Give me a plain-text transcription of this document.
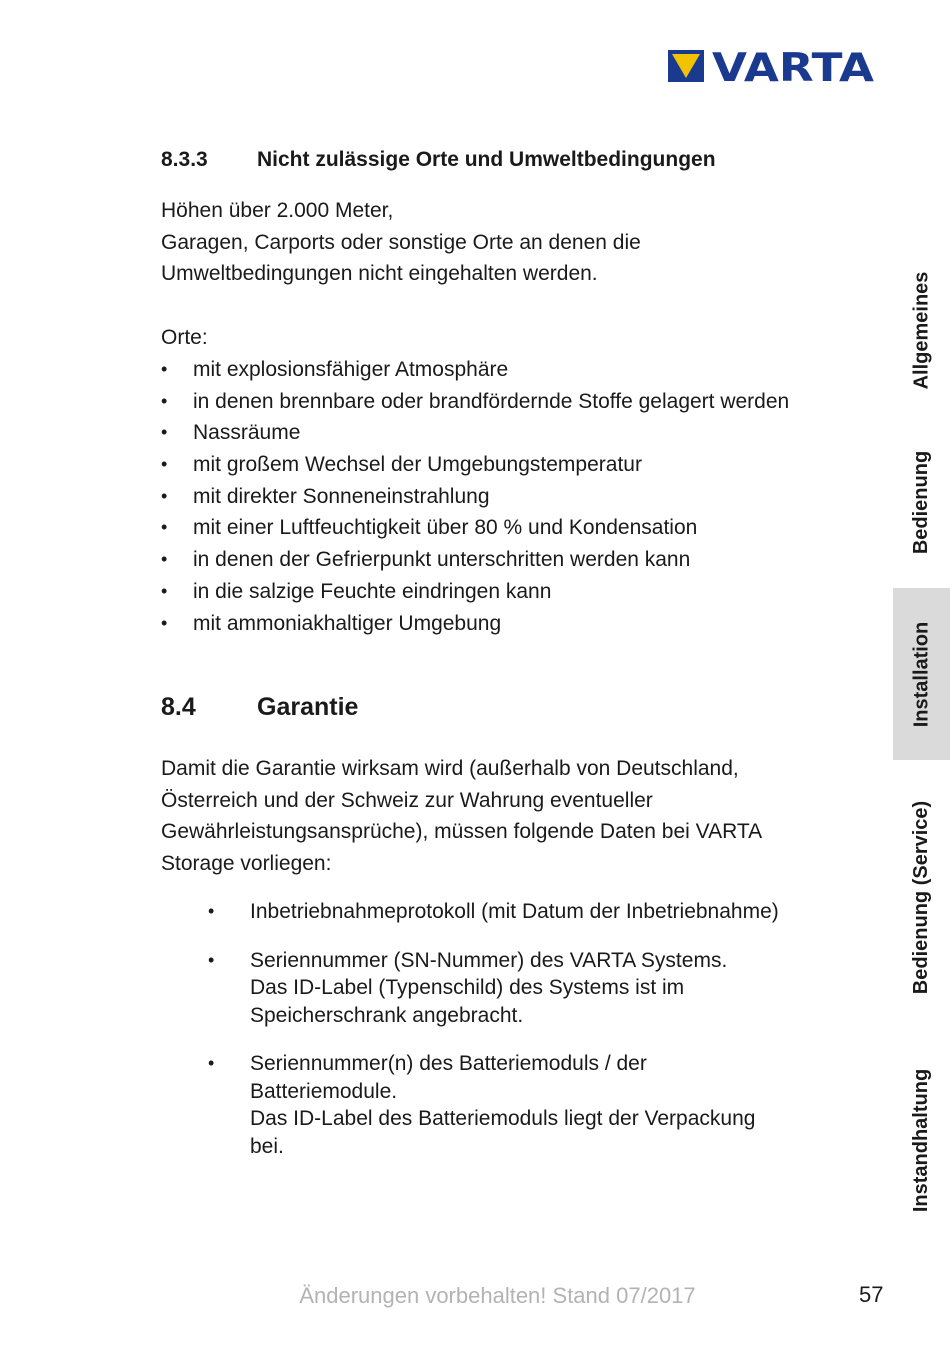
VARTA
8.3.3 Nicht zulässige Orte und Umweltbedingungen
Höhen über 2.000 Meter,
Garagen, Carports oder sonstige Orte an denen die
Umweltbedingungen nicht eingehalten werden.
Orte:
• mit explosionsfähiger Atmosphäre
• in denen brennbare oder brandfördernde Stoffe gelagert werden
• Nassräume
• mit großem Wechsel der Umgebungstemperatur
• mit direkter Sonneneinstrahlung
• mit einer Luftfeuchtigkeit über 80 % und Kondensation
• in denen der Gefrierpunkt unterschritten werden kann
• in die salzige Feuchte eindringen kann
• mit ammoniakhaltiger Umgebung
8.4 Garantie
Damit die Garantie wirksam wird (außerhalb von Deutschland,
Österreich und der Schweiz zur Wahrung eventueller
Gewährleistungsansprüche), müssen folgende Daten bei VARTA
Storage vorliegen:
• Inbetriebnahmeprotokoll (mit Datum der Inbetriebnahme)
• Seriennummer (SN-Nummer) des VARTA Systems.
Das ID-Label (Typenschild) des Systems ist im
Speicherschrank angebracht.
• Seriennummer(n) des Batteriemoduls / der
Batteriemodule.
Das ID-Label des Batteriemoduls liegt der Verpackung
bei.
Allgemeines
Bedienung
Installation
Bedienung (Service)
Instandhaltung
Änderungen vorbehalten! Stand 07/2017	57
